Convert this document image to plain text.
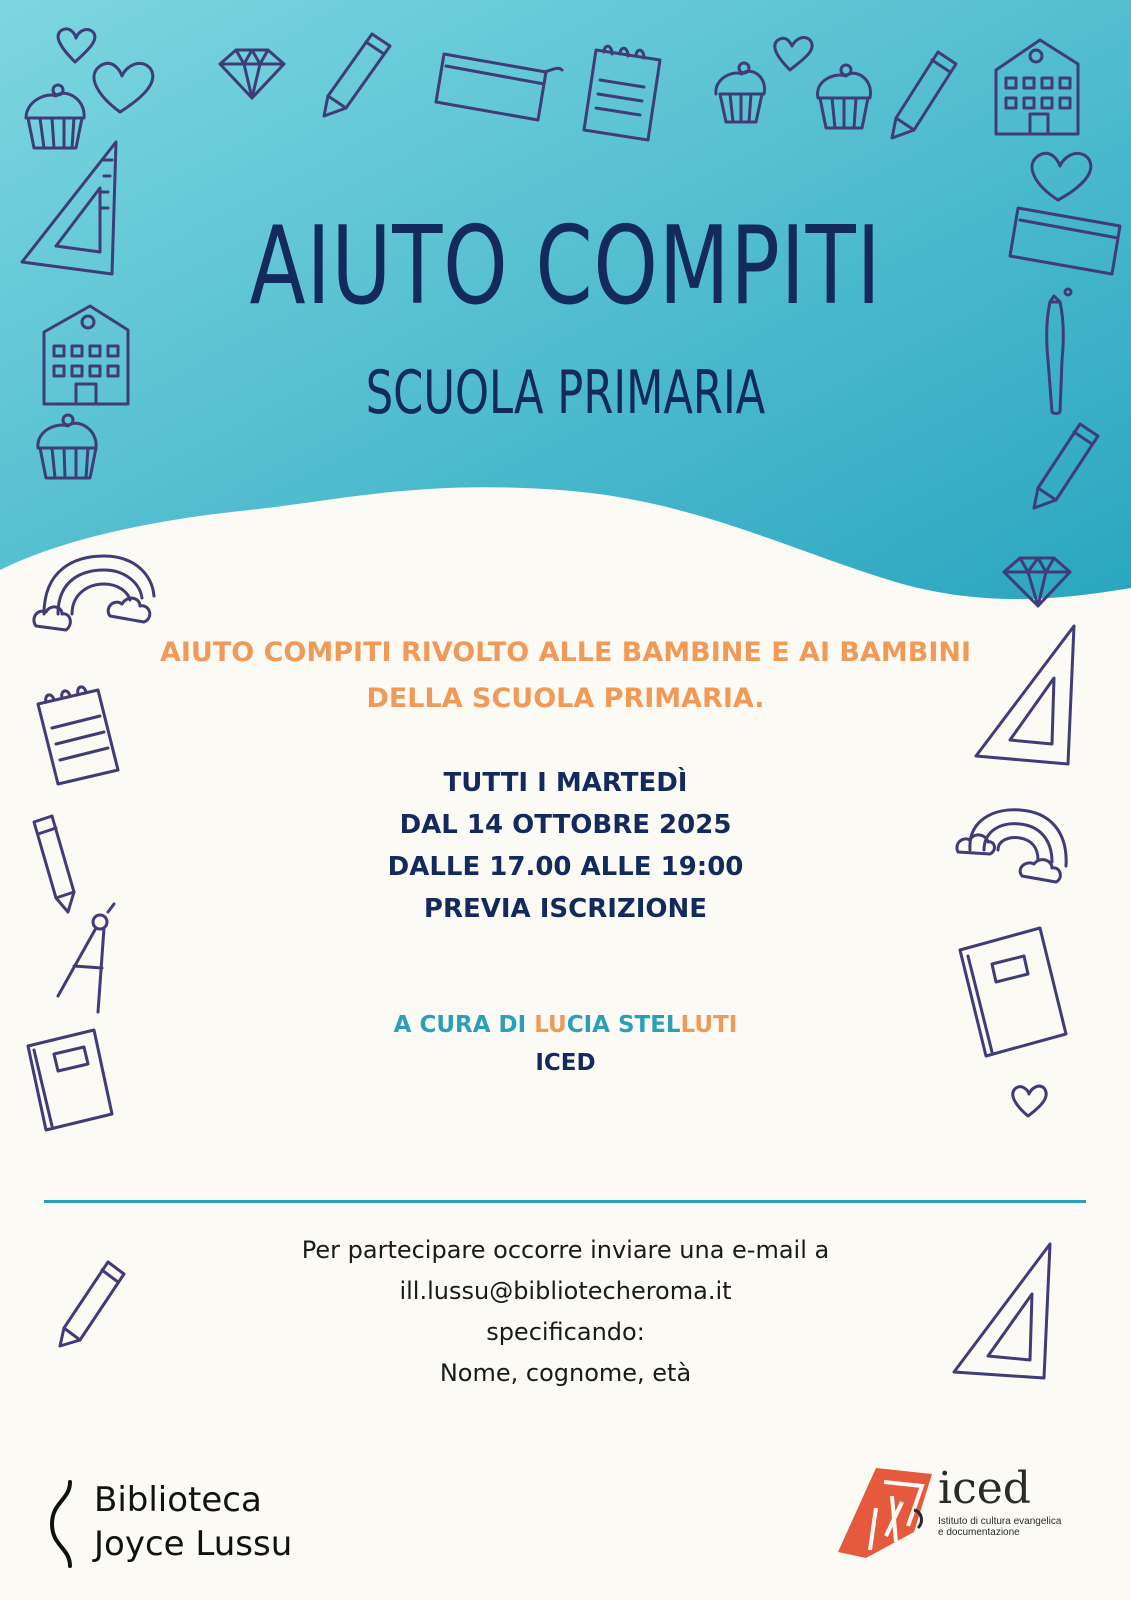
AIUTO COMPITI
SCUOLA PRIMARIA

AIUTO COMPITI RIVOLTO ALLE BAMBINE E AI BAMBINI DELLA SCUOLA PRIMARIA.

TUTTI I MARTEDÌ
DAL 14 OTTOBRE 2025
DALLE 17.00 ALLE 19:00
PREVIA ISCRIZIONE
A CURA DI LUCIA STELLUTI
ICED
Per partecipare occorre inviare una e-mail a
ill.lussu@bibliotecheroma.it
specificando:
Nome, cognome, età
Biblioteca
Joyce Lussu
iced
Istituto di cultura evangelica
e documentazione
